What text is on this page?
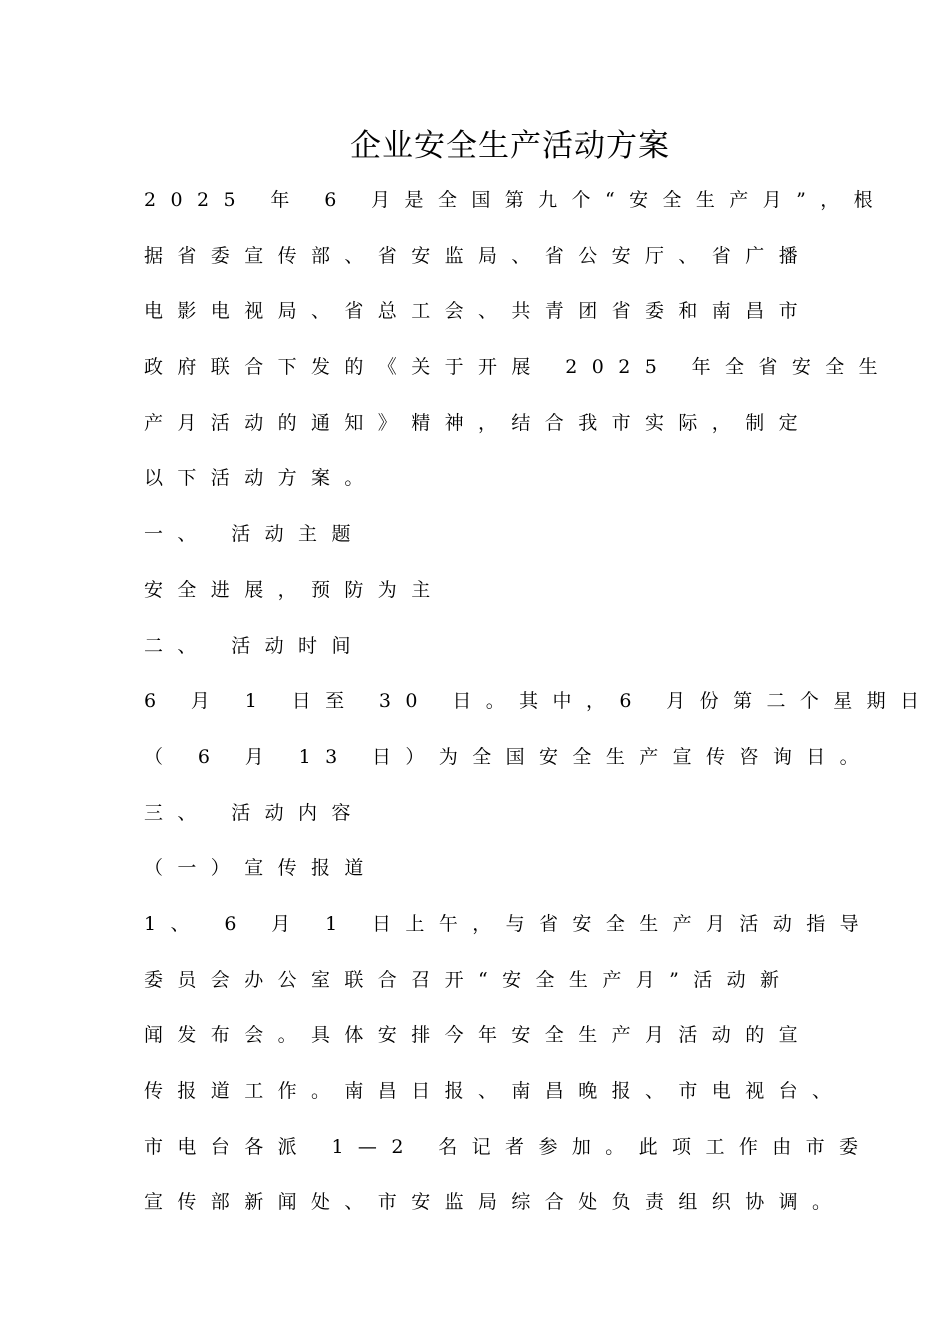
企业安全生产活动方案
2025 年 6 月是全国第九个“安全生产月”，根
据省委宣传部、省安监局、省公安厅、省广播
电影电视局、省总工会、共青团省委和南昌市
政府联合下发的《关于开展 2025 年全省安全生
产月活动的通知》精神，结合我市实际，制定
以下活动方案。
一、 活动主题
安全进展，预防为主
二、 活动时间
6 月 1 日至 30 日。其中，6 月份第二个星期日
（ 6 月 13 日）为全国安全生产宣传咨询日。
三、 活动内容
（一）宣传报道
1、 6 月 1 日上午，与省安全生产月活动指导
委员会办公室联合召开“安全生产月”活动新
闻发布会。具体安排今年安全生产月活动的宣
传报道工作。南昌日报、南昌晚报、市电视台、
市电台各派 1—2 名记者参加。此项工作由市委
宣传部新闻处、市安监局综合处负责组织协调。
